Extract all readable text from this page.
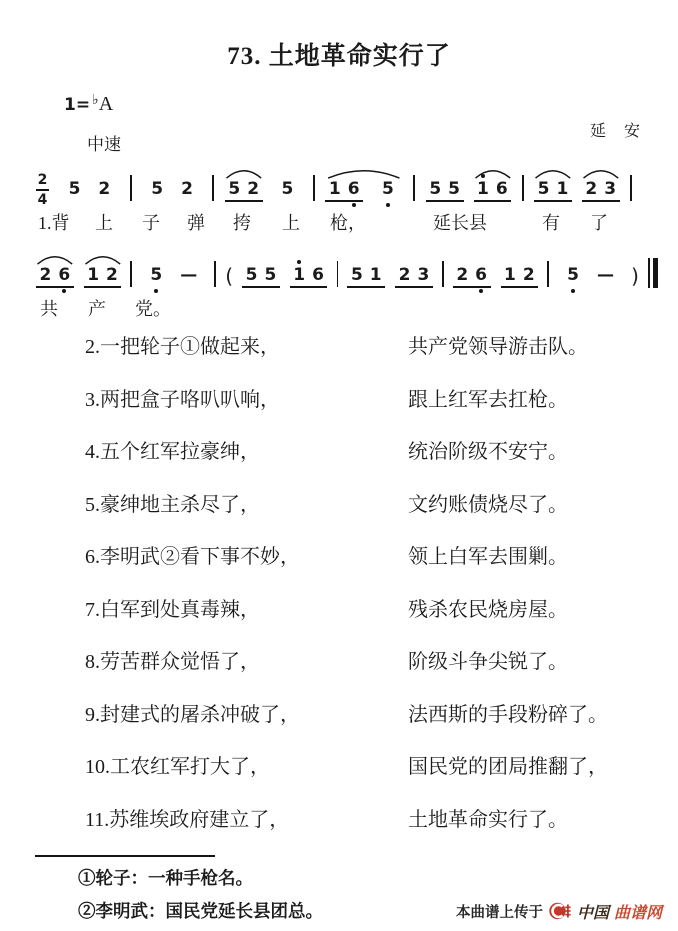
73. 土地革命实行了
1= ♭A
中速
延 安
2
4
5 2 5 2 5 2 5 1 6 5 5 5 1 6 5 1 2 3
1.背 上 子 弹 挎 上 枪，	延长县	有 了
2 6 1 2 5 — ( 5 5 1 6 5 1 2 3 2 6 1 2 5 — )
共 产 党。
2.一把轮子①做起来，	共产党领导游击队。
3.两把盒子咯叭叭响，	跟上红军去扛枪。
4.五个红军拉豪绅，	统治阶级不安宁。
5.豪绅地主杀尽了，	文约账债烧尽了。
6.李明武②看下事不妙，	领上白军去围剿。
7.白军到处真毒辣，	残杀农民烧房屋。
8.劳苦群众觉悟了，	阶级斗争尖锐了。
9.封建式的屠杀冲破了，	法西斯的手段粉碎了。
10.工农红军打大了，	国民党的团局推翻了，
11.苏维埃政府建立了，	土地革命实行了。
①轮子：一种手枪名。
②李明武：国民党延长县团总。	本曲谱上传于 中国 曲谱网
